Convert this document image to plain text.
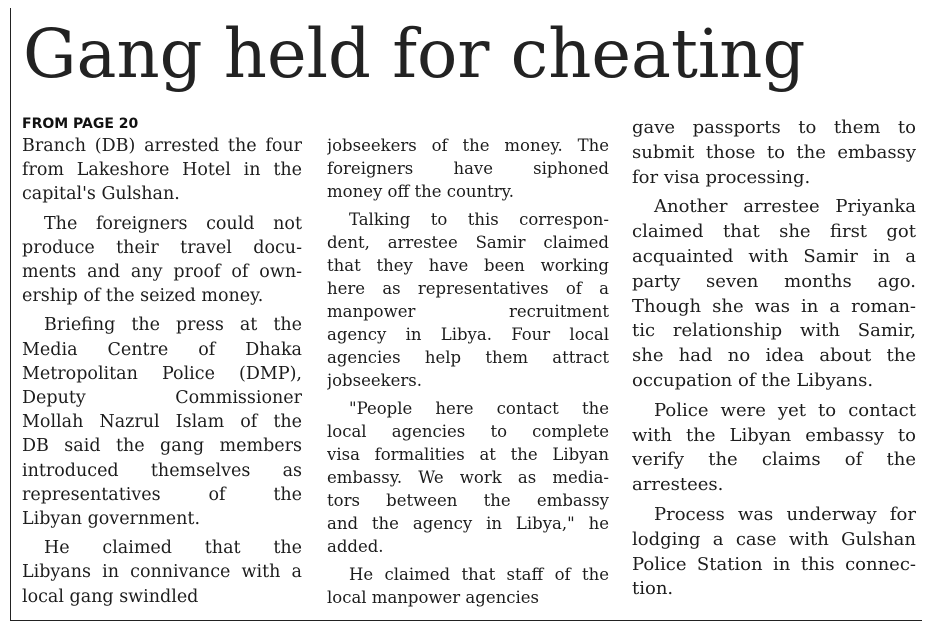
Gang held for cheating
FROM PAGE 20
Branch (DB) arrested the four
from Lakeshore Hotel in the
capital's Gulshan.
The foreigners could not
produce their travel docu-
ments and any proof of own-
ership of the seized money.
Briefing the press at the
Media Centre of Dhaka
Metropolitan Police (DMP),
Deputy Commissioner
Mollah Nazrul Islam of the
DB said the gang members
introduced themselves as
representatives of the
Libyan government.
He claimed that the
Libyans in connivance with a
local gang swindled
jobseekers of the money. The
foreigners have siphoned
money off the country.
Talking to this correspon-
dent, arrestee Samir claimed
that they have been working
here as representatives of a
manpower recruitment
agency in Libya. Four local
agencies help them attract
jobseekers.
"People here contact the
local agencies to complete
visa formalities at the Libyan
embassy. We work as media-
tors between the embassy
and the agency in Libya," he
added.
He claimed that staff of the
local manpower agencies
gave passports to them to
submit those to the embassy
for visa processing.
Another arrestee Priyanka
claimed that she first got
acquainted with Samir in a
party seven months ago.
Though she was in a roman-
tic relationship with Samir,
she had no idea about the
occupation of the Libyans.
Police were yet to contact
with the Libyan embassy to
verify the claims of the
arrestees.
Process was underway for
lodging a case with Gulshan
Police Station in this connec-
tion.
